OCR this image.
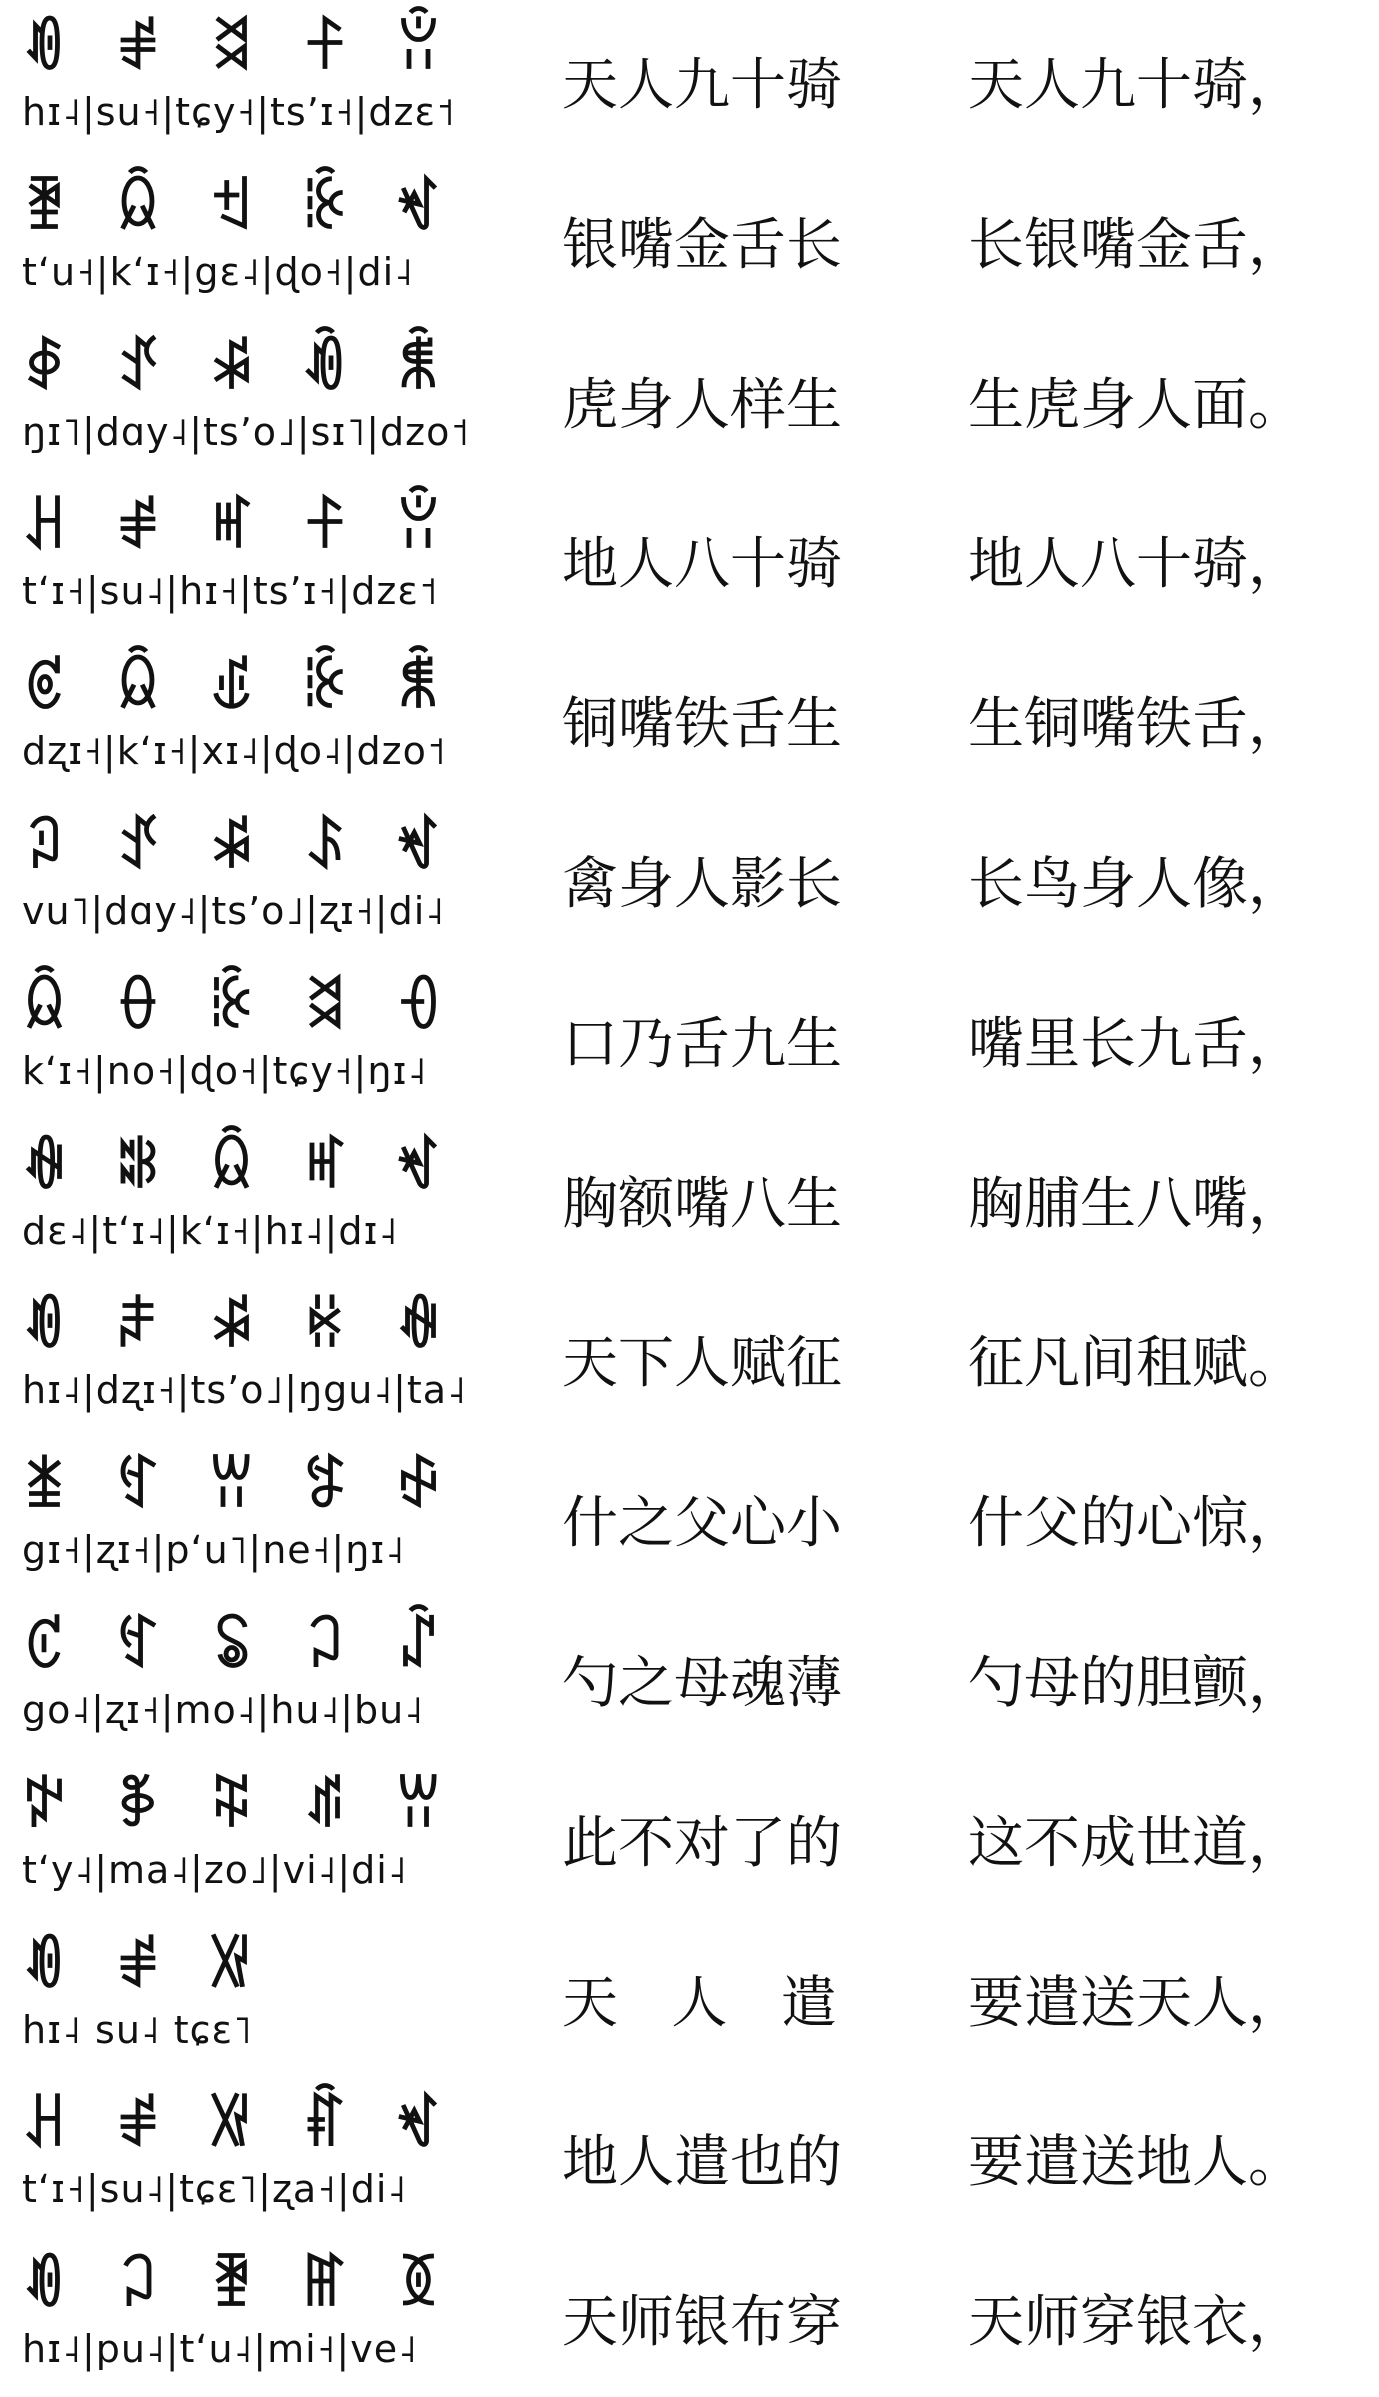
ꀑ ꂱ ꈬ ꊰ ꂧ
hɪ˨|su˧|tɕy˧|tsʼɪ˧|dzɛ˦ 天人九十骑	天人九十骑，
ꄿ ꆯ ꉬ ꊬ ꏝ
tʻu˧|kʻɪ˧|gɛ˨|ɖo˧|di˨	银嘴金舌长	长银嘴金舌，
ꇉ ꀋ ꋩ ꀐ ꐨ
ŋɪ˥|dɑy˨|tsʼo˩|sɪ˥|dzo˦ 虎身人样生	生虎身人面。
ꃅ ꂱ ꎭ ꊰ ꂧ
tʻɪ˧|su˨|hɪ˧|tsʼɪ˧|dzɛ˦ 地人八十骑	地人八十骑，
ꏳ ꆯ ꍑ ꊬ ꐨ
dʐɪ˧|kʻɪ˧|xɪ˨|ɖo˨|dzo˦ 铜嘴铁舌生	生铜嘴铁舌，
ꇜ ꀋ ꋩ ꌺ ꏝ
vu˥|dɑy˨|tsʼo˩|ʐɪ˧|di˨ 禽身人影长	长鸟身人像，
ꆯ ꂷ ꊬ ꈬ ꌡ
kʻɪ˧|no˧|ɖo˧|tɕy˧|ŋɪ˨	口乃舌九生	嘴里长九舌，
ꊿ ꄀ ꆯ ꎭ ꏝ
dɛ˨|tʻɪ˨|kʻɪ˧|hɪ˨|dɪ˨	胸额嘴八生	胸脯生八嘴，
ꀑ ꌧ ꋩ ꃛ ꊿ
hɪ˨|dʐɪ˧|tsʼo˩|ŋgu˨|ta˨ 天下人赋征	征凡间租赋。
ꁧ ꉐ ꀕ ꉎ ꈢ
gɪ˧|ʐɪ˧|pʻu˥|ne˧|ŋɪ˨	什之父心小	什父的心惊，
ꊐ ꉐ ꂢ ꃀ ꁳ
go˨|ʐɪ˧|mo˨|hu˨|bu˨	勺之母魂薄	勺母的胆颤，
ꉢ ꃆ ꍫ ꁮ ꀕ
tʻy˨|ma˨|zo˩|vi˨|di˨	此不对了的	这不成世道，
ꀑ ꂱ ꑟ
hɪ˨ su˨ tɕɛ˥	天   人   遣	要遣送天人，
ꃅ ꂱ ꑟ ꐤ ꏝ
tʻɪ˧|su˨|tɕɛ˥|ʐa˧|di˨	地人遣也的	要遣送地人。
ꀑ ꃀ ꄿ ꂵ ꅉ
hɪ˨|pu˨|tʻu˨|mi˧|ve˨	天师银布穿	天师穿银衣，
